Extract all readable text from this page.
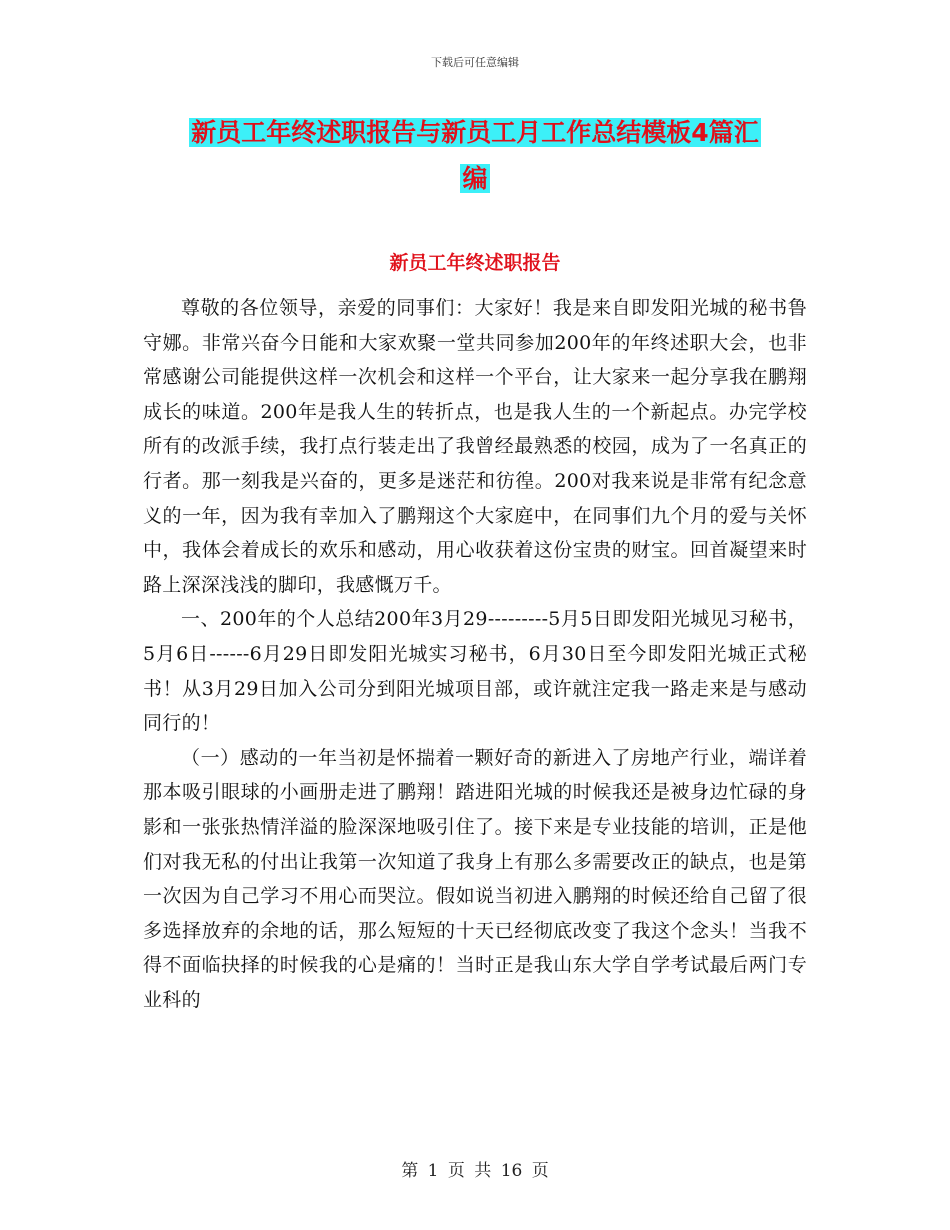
下载后可任意编辑
新员工年终述职报告与新员工月工作总结模板4篇汇
编
新员工年终述职报告

尊敬的各位领导，亲爱的同事们：大家好！我是来自即发阳光城的秘书鲁守娜。非常兴奋今日能和大家欢聚一堂共同参加200年的年终述职大会，也非常感谢公司能提供这样一次机会和这样一个平台，让大家来一起分享我在鹏翔成长的味道。200年是我人生的转折点，也是我人生的一个新起点。办完学校所有的改派手续，我打点行装走出了我曾经最熟悉的校园，成为了一名真正的行者。那一刻我是兴奋的，更多是迷茫和彷徨。200对我来说是非常有纪念意义的一年，因为我有幸加入了鹏翔这个大家庭中，在同事们九个月的爱与关怀中，我体会着成长的欢乐和感动，用心收获着这份宝贵的财宝。回首凝望来时路上深深浅浅的脚印，我感慨万千。

一、200年的个人总结200年3月29---------5月5日即发阳光城见习秘书，5月6日------6月29日即发阳光城实习秘书，6月30日至今即发阳光城正式秘书！从3月29日加入公司分到阳光城项目部，或许就注定我一路走来是与感动同行的！

（一）感动的一年当初是怀揣着一颗好奇的新进入了房地产行业，端详着那本吸引眼球的小画册走进了鹏翔！踏进阳光城的时候我还是被身边忙碌的身影和一张张热情洋溢的脸深深地吸引住了。接下来是专业技能的培训，正是他们对我无私的付出让我第一次知道了我身上有那么多需要改正的缺点，也是第一次因为自己学习不用心而哭泣。假如说当初进入鹏翔的时候还给自己留了很多选择放弃的余地的话，那么短短的十天已经彻底改变了我这个念头！当我不得不面临抉择的时候我的心是痛的！当时正是我山东大学自学考试最后两门专业科的

第 1 页 共 16 页
